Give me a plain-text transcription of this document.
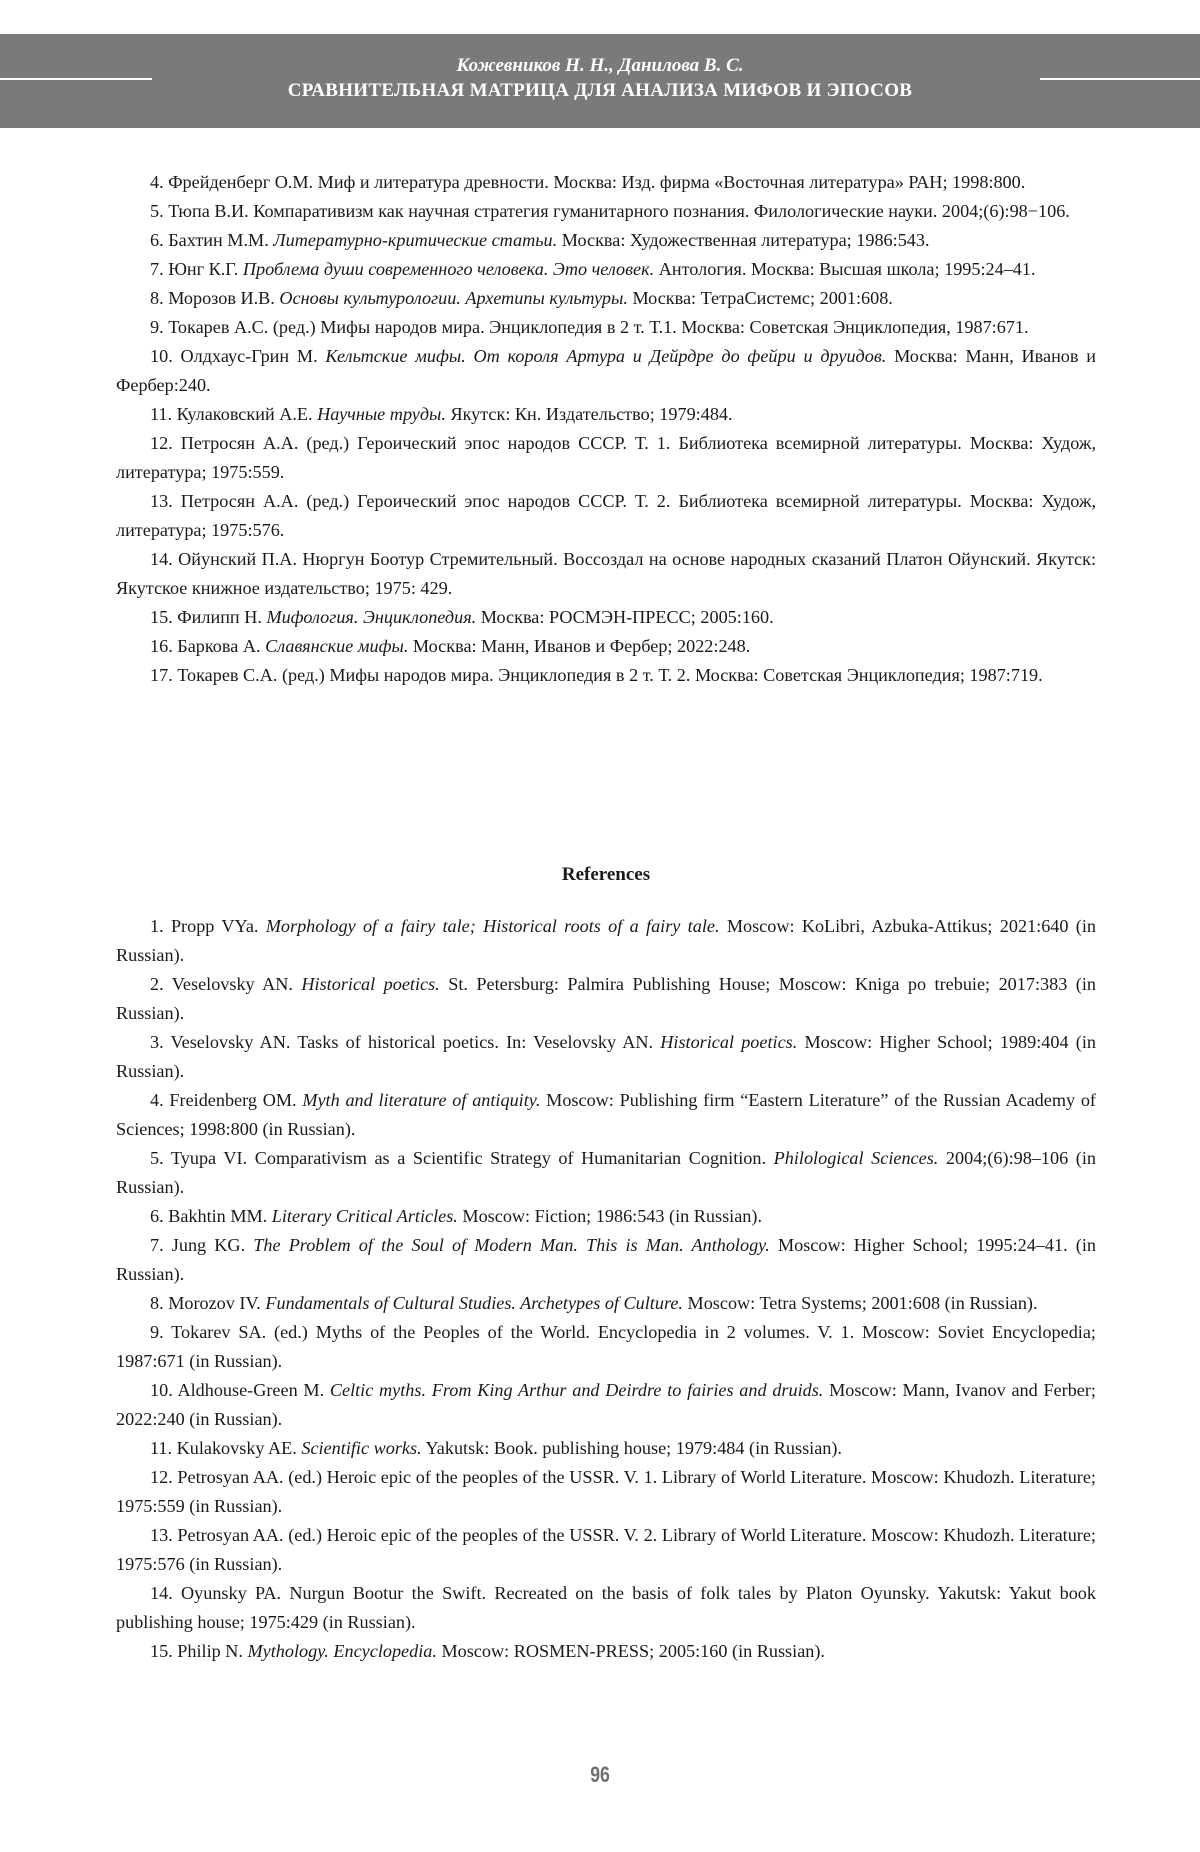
Кожевников Н. Н., Данилова В. С.
СРАВНИТЕЛЬНАЯ МАТРИЦА ДЛЯ АНАЛИЗА МИФОВ И ЭПОСОВ

4. Фрейденберг О.М. Миф и литература древности. Москва: Изд. фирма «Восточная литература» РАН; 1998:800.

5. Тюпа В.И. Компаративизм как научная стратегия гуманитарного познания. Филологические науки. 2004;(6):98−106.

6. Бахтин М.М. Литературно-критические статьи. Москва: Художественная литература; 1986:543.

7. Юнг К.Г. Проблема души современного человека. Это человек. Антология. Москва: Высшая школа; 1995:24–41.

8. Морозов И.В. Основы культурологии. Архетипы культуры. Москва: ТетраСистемс; 2001:608.

9. Токарев А.С. (ред.) Мифы народов мира. Энциклопедия в 2 т. Т.1. Москва: Советская Энциклопедия, 1987:671.

10. Олдхаус-Грин М. Кельтские мифы. От короля Артура и Дейрдре до фейри и друидов. Москва: Манн, Иванов и Фербер:240.

11. Кулаковский А.Е. Научные труды. Якутск: Кн. Издательство; 1979:484.

12. Петросян А.А. (ред.) Героический эпос народов СССР. Т. 1. Библиотека всемирной литературы. Москва: Худож, литература; 1975:559.

13. Петросян А.А. (ред.) Героический эпос народов СССР. Т. 2. Библиотека всемирной литературы. Москва: Худож, литература; 1975:576.

14. Ойунский П.А. Нюргун Боотур Стремительный. Воссоздал на основе народных сказаний Платон Ойунский. Якутск: Якутское книжное издательство; 1975: 429.

15. Филипп Н. Мифология. Энциклопедия. Москва: РОСМЭН-ПРЕСС; 2005:160.

16. Баркова А. Славянские мифы. Москва: Манн, Иванов и Фербер; 2022:248.

17. Токарев С.А. (ред.) Мифы народов мира. Энциклопедия в 2 т. Т. 2. Москва: Советская Энциклопедия; 1987:719.

References

1. Propp VYa. Morphology of a fairy tale; Historical roots of a fairy tale. Moscow: KoLibri, Azbuka-Attikus; 2021:640 (in Russian).

2. Veselovsky AN. Historical poetics. St. Petersburg: Palmira Publishing House; Moscow: Kniga po trebuie; 2017:383 (in Russian).

3. Veselovsky AN. Tasks of historical poetics. In: Veselovsky AN. Historical poetics. Moscow: Higher School; 1989:404 (in Russian).

4. Freidenberg OM. Myth and literature of antiquity. Moscow: Publishing firm “Eastern Literature” of the Russian Academy of Sciences; 1998:800 (in Russian).

5. Tyupa VI. Comparativism as a Scientific Strategy of Humanitarian Cognition. Philological Sciences. 2004;(6):98–106 (in Russian).

6. Bakhtin MM. Literary Critical Articles. Moscow: Fiction; 1986:543 (in Russian).

7. Jung KG. The Problem of the Soul of Modern Man. This is Man. Anthology. Moscow: Higher School; 1995:24–41. (in Russian).

8. Morozov IV. Fundamentals of Cultural Studies. Archetypes of Culture. Moscow: Tetra Systems; 2001:608 (in Russian).

9. Tokarev SA. (ed.) Myths of the Peoples of the World. Encyclopedia in 2 volumes. V. 1. Moscow: Soviet Encyclopedia; 1987:671 (in Russian).

10. Aldhouse-Green M. Celtic myths. From King Arthur and Deirdre to fairies and druids. Moscow: Mann, Ivanov and Ferber; 2022:240 (in Russian).

11. Kulakovsky AE. Scientific works. Yakutsk: Book. publishing house; 1979:484 (in Russian).

12. Petrosyan AA. (ed.) Heroic epic of the peoples of the USSR. V. 1. Library of World Literature. Moscow: Khudozh. Literature; 1975:559 (in Russian).

13. Petrosyan AA. (ed.) Heroic epic of the peoples of the USSR. V. 2. Library of World Literature. Moscow: Khudozh. Literature; 1975:576 (in Russian).

14. Oyunsky PA. Nurgun Bootur the Swift. Recreated on the basis of folk tales by Platon Oyunsky. Yakutsk: Yakut book publishing house; 1975:429 (in Russian).

15. Philip N. Mythology. Encyclopedia. Moscow: ROSMEN-PRESS; 2005:160 (in Russian).

96
